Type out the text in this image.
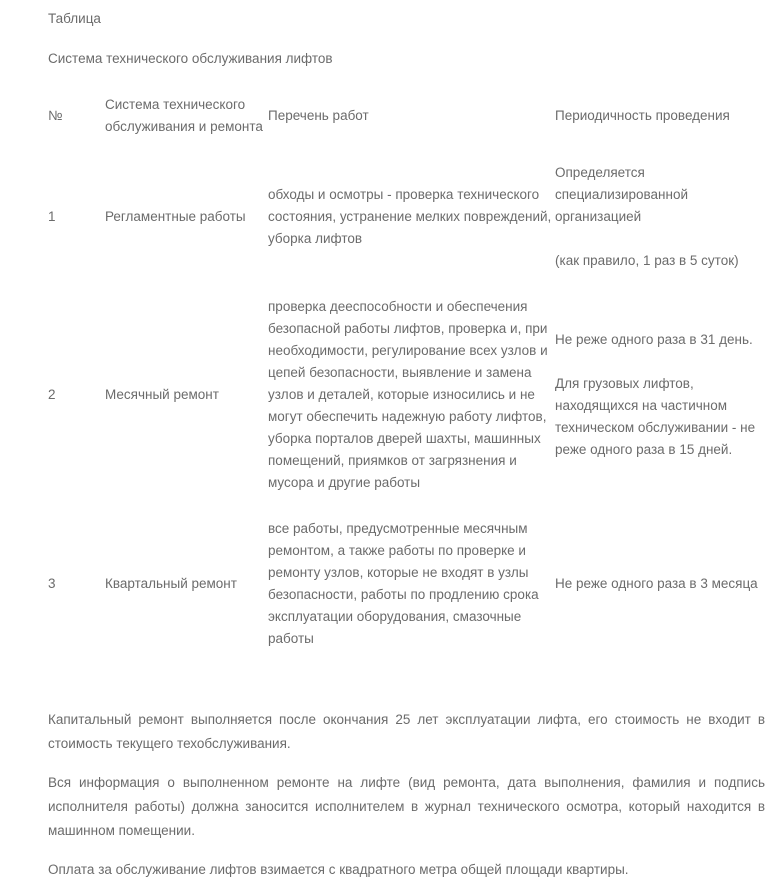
Таблица

Система технического обслуживания лифтов

№	Система технического обслуживания и ремонта	Перечень работ	Периодичность проведения
1	Регламентные работы	обходы и осмотры - проверка технического состояния, устранение мелких повреждений, уборка лифтов	Определяется специализированной организацией

(как правило, 1 раз в 5 суток)

2	Месячный ремонт	проверка дееспособности и обеспечения безопасной работы лифтов, проверка и, при необходимости, регулирование всех узлов и цепей безопасности, выявление и замена узлов и деталей, которые износились и не могут обеспечить надежную работу лифтов, уборка порталов дверей шахты, машинных помещений, приямков от загрязнения и мусора и другие работы	Не реже одного раза в 31 день.

Для грузовых лифтов, находящихся на частичном техническом обслуживании - не реже одного раза в 15 дней.

3	Квартальный ремонт	все работы, предусмотренные месячным ремонтом, а также работы по проверке и ремонту узлов, которые не входят в узлы безопасности, работы по продлению срока эксплуатации оборудования, смазочные работы	Не реже одного раза в 3 месяца

Капитальный ремонт выполняется после окончания 25 лет эксплуатации лифта, его стоимость не входит в стоимость текущего техобслуживания.

Вся информация о выполненном ремонте на лифте (вид ремонта, дата выполнения, фамилия и подпись исполнителя работы) должна заносится исполнителем в журнал технического осмотра, который находится в машинном помещении.

Оплата за обслуживание лифтов взимается с квадратного метра общей площади квартиры.
